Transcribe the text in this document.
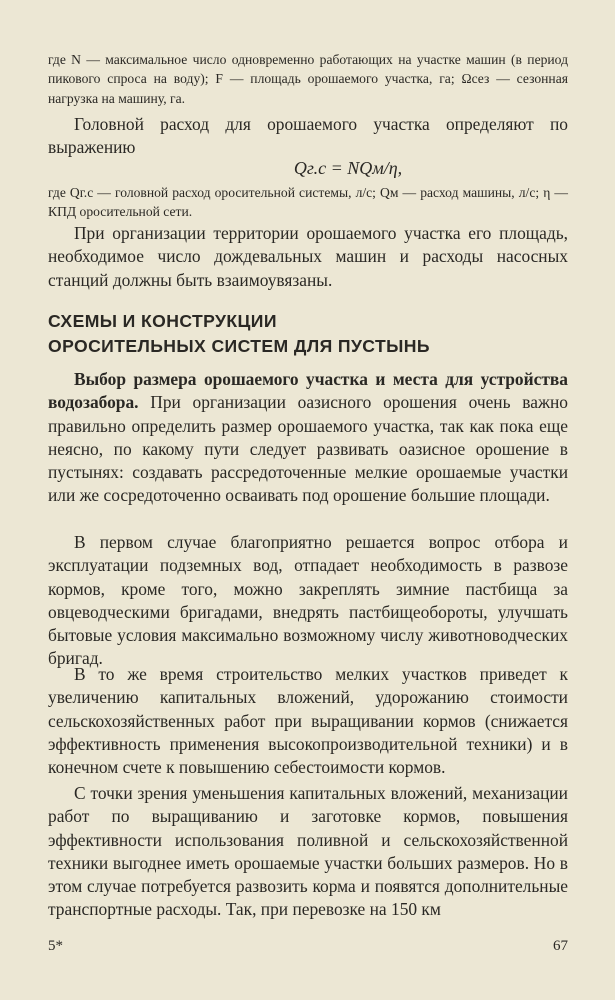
где N — максимальное число одновременно работающих на участке машин (в период пикового спроса на воду); F — площадь орошаемого участка, га; Ωсез — сезонная нагрузка на машину, га.
Головной расход для орошаемого участка определяют по выражению
Qг.с = NQм/η,
где Qг.с — головной расход оросительной системы, л/с; Qм — расход машины, л/с; η — КПД оросительной сети.
При организации территории орошаемого участка его площадь, необходимое число дождевальных машин и расходы насосных станций должны быть взаимоувязаны.
СХЕМЫ И КОНСТРУКЦИИ
ОРОСИТЕЛЬНЫХ СИСТЕМ ДЛЯ ПУСТЫНЬ
Выбор размера орошаемого участка и места для устройства водозабора. При организации оазисного орошения очень важно правильно определить размер орошаемого участка, так как пока еще неясно, по какому пути следует развивать оазисное орошение в пустынях: создавать рассредоточенные мелкие орошаемые участки или же сосредоточенно осваивать под орошение большие площади.
В первом случае благоприятно решается вопрос отбора и эксплуатации подземных вод, отпадает необходимость в развозе кормов, кроме того, можно закреплять зимние пастбища за овцеводческими бригадами, внедрять пастбищеобороты, улучшать бытовые условия максимально возможному числу животноводческих бригад.
В то же время строительство мелких участков приведет к увеличению капитальных вложений, удорожанию стоимости сельскохозяйственных работ при выращивании кормов (снижается эффективность применения высокопроизводительной техники) и в конечном счете к повышению себестоимости кормов.
С точки зрения уменьшения капитальных вложений, механизации работ по выращиванию и заготовке кормов, повышения эффективности использования поливной и сельскохозяйственной техники выгоднее иметь орошаемые участки больших размеров. Но в этом случае потребуется развозить корма и появятся дополнительные транспортные расходы. Так, при перевозке на 150 км
5*	67
